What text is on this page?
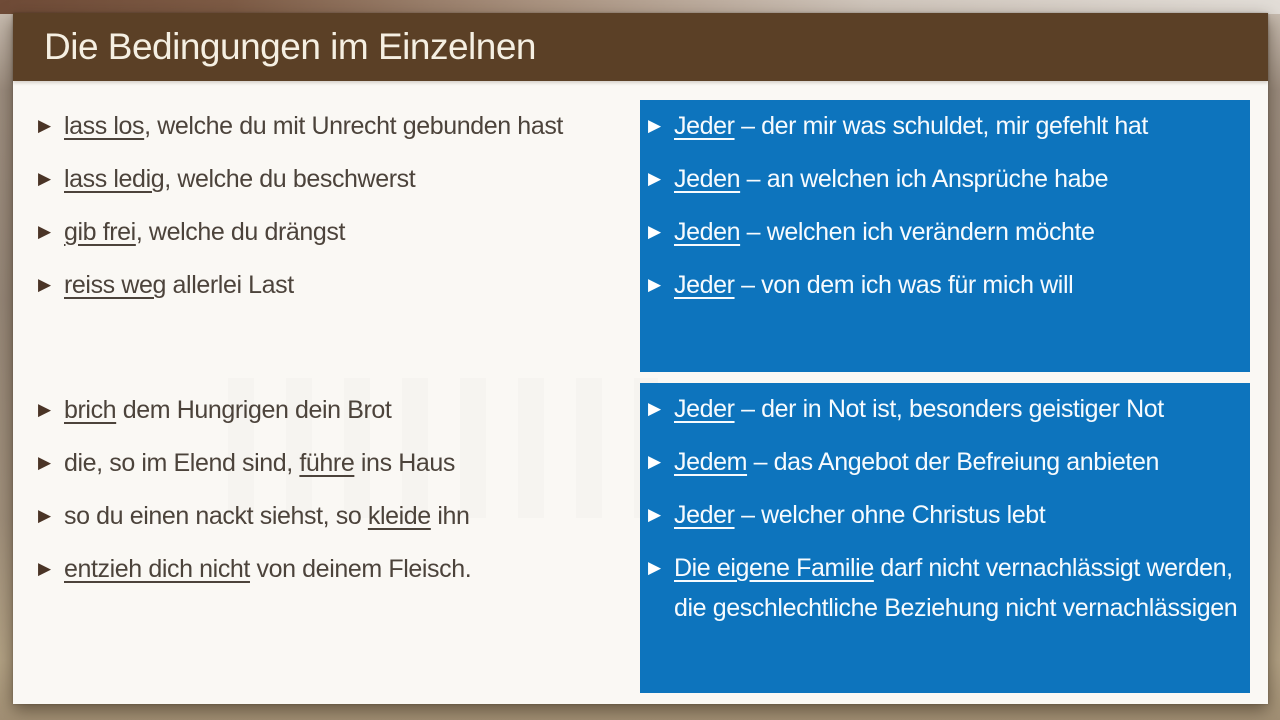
Die Bedingungen im Einzelnen
▶ lass los, welche du mit Unrecht gebunden hast
▶ lass ledig, welche du beschwerst
▶ gib frei, welche du drängst
▶ reiss weg allerlei Last
▶ brich dem Hungrigen dein Brot
▶ die, so im Elend sind, führe ins Haus
▶ so du einen nackt siehst, so kleide ihn
▶ entzieh dich nicht von deinem Fleisch.
▶ Jeder – der mir was schuldet, mir gefehlt hat
▶ Jeden – an welchen ich Ansprüche habe
▶ Jeden – welchen ich verändern möchte
▶ Jeder – von dem ich was für mich will
▶ Jeder – der in Not ist, besonders geistiger Not
▶ Jedem – das Angebot der Befreiung anbieten
▶ Jeder – welcher ohne Christus lebt
▶ Die eigene Familie darf nicht vernachlässigt werden, die geschlechtliche Beziehung nicht vernachlässigen
